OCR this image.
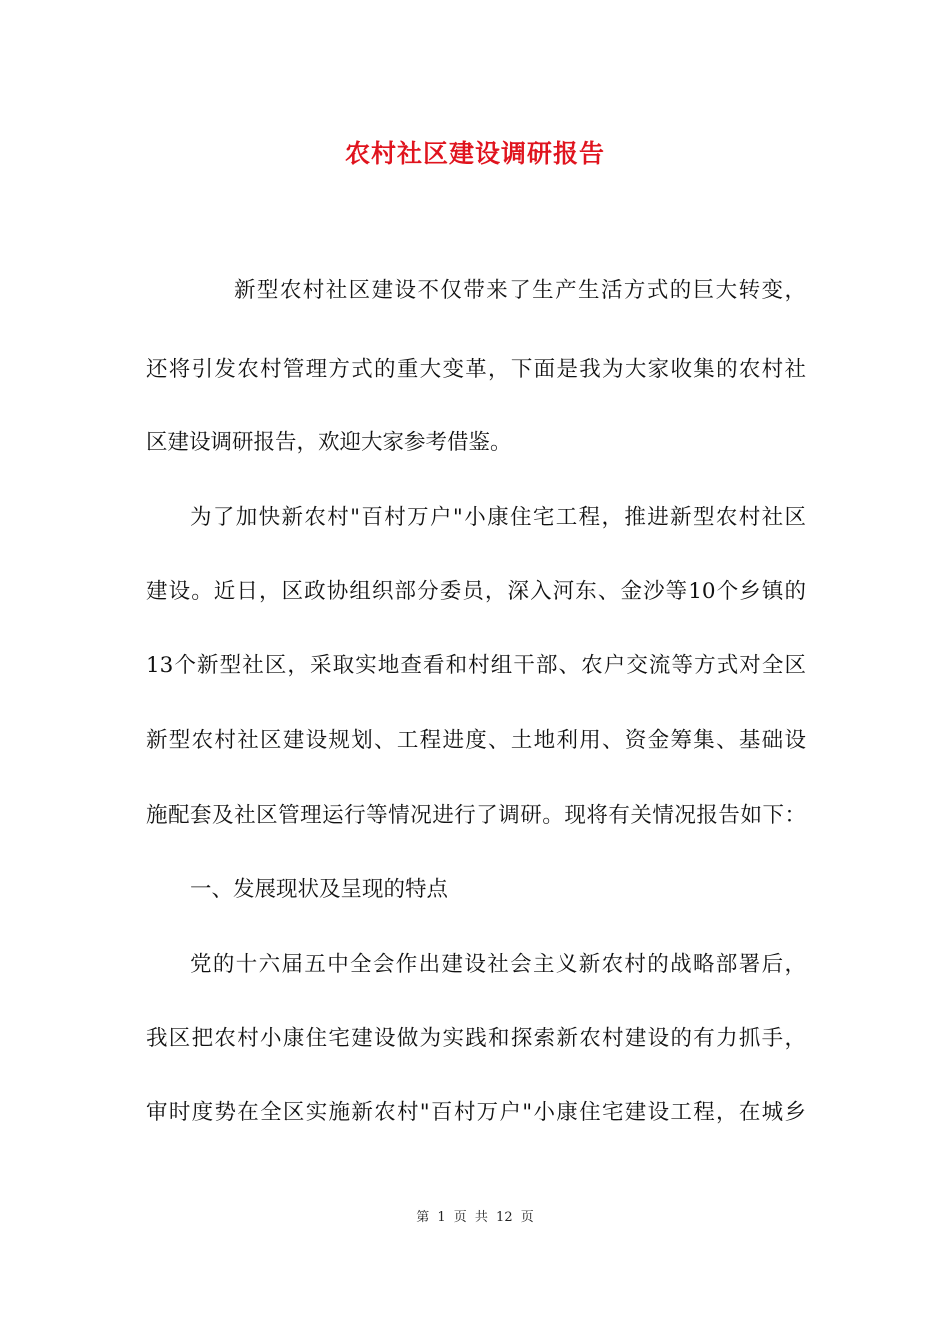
农村社区建设调研报告
新型农村社区建设不仅带来了生产生活方式的巨大转变，
还将引发农村管理方式的重大变革，下面是我为大家收集的农村社
区建设调研报告，欢迎大家参考借鉴。
为了加快新农村"百村万户"小康住宅工程，推进新型农村社区
建设。近日，区政协组织部分委员，深入河东、金沙等10个乡镇的
13个新型社区，采取实地查看和村组干部、农户交流等方式对全区
新型农村社区建设规划、工程进度、土地利用、资金筹集、基础设
施配套及社区管理运行等情况进行了调研。现将有关情况报告如下：
一、发展现状及呈现的特点
党的十六届五中全会作出建设社会主义新农村的战略部署后，
我区把农村小康住宅建设做为实践和探索新农村建设的有力抓手，
审时度势在全区实施新农村"百村万户"小康住宅建设工程，在城乡
第 1 页 共 12 页
